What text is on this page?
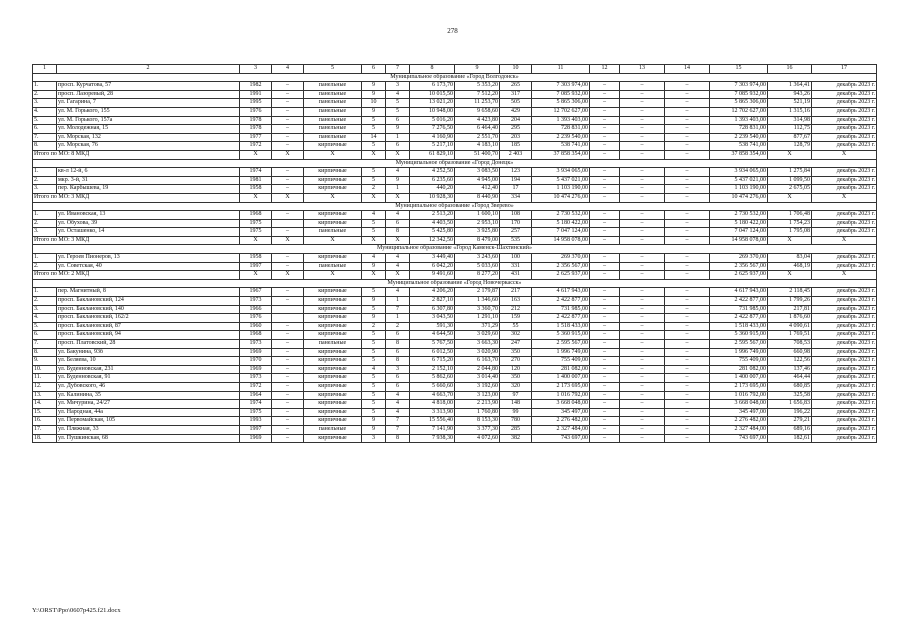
278
1	2	3	4	5	6	7	8	9	10	11	12	13	14	15	16	17
Муниципальное образование «Город Волгодонск»																
1.	просп. Курчатова, 57	1982	–	панельные	9	3	6 173,70	5 353,20	265	7 303 974,00	–	–	–	7 303 974,00	1 364,41	декабрь 2023 г.
2.	просп. Лазоревый, 28	1991	–	панельные	9	4	10 015,50	7 512,20	317	7 085 932,00	–	–	–	7 085 932,00	943,26	декабрь 2023 г.
3.	ул. Гагарина, 7	1995	–	панельные	10	5	13 021,20	11 253,70	505	5 865 306,00	–	–	–	5 865 306,00	521,19	декабрь 2023 г.
4.	ул. М. Горького, 155	1976	–	панельные	9	5	10 948,00	9 658,60	429	12 702 627,00	–	–	–	12 702 627,00	1 315,16	декабрь 2023 г.
5.	ул. М. Горького, 157а	1978	–	панельные	5	6	5 016,20	4 423,80	204	1 393 403,00	–	–	–	1 393 403,00	314,98	декабрь 2023 г.
6.	ул. Молодежная, 15	1978	–	панельные	5	9	7 276,50	6 464,40	295	728 831,00	–	–	–	728 831,00	112,75	декабрь 2023 г.
7.	ул. Морская, 132	1977	–	панельные	14	1	4 160,90	2 551,70	203	2 239 540,00	–	–	–	2 239 540,00	877,67	декабрь 2023 г.
8.	ул. Морская, 76	1972	–	кирпичные	5	6	5 217,10	4 183,10	185	538 741,00	–	–	–	538 741,00	128,79	декабрь 2023 г.
Итого по МО: 8 МКД		X	X	X	X	X	61 829,10	51 400,70	2 403	37 858 354,00	–	–	–	37 858 354,00	X	X
Муниципальное образование «Город Донецк»																
1.	кв-л 12-й, 6	1974	–	кирпичные	5	4	4 252,50	3 083,50	123	3 934 065,00	–	–	–	3 934 065,00	1 275,84	декабрь 2023 г.
2.	мкр. 3-й, 31	1981	–	кирпичные	5	9	6 235,60	4 945,00	194	5 437 021,00	–	–	–	5 437 021,00	1 099,50	декабрь 2023 г.
3.	пер. Карбышева, 19	1958	–	кирпичные	2	1	440,20	412,40	17	1 103 190,00	–	–	–	1 103 190,00	2 675,05	декабрь 2023 г.
Итого по МО: 3 МКД		X	X	X	X	X	10 928,30	8 440,90	334	10 474 276,00	–	–	–	10 474 276,00	X	X
Муниципальное образование «Город Зверево»																
1.	ул. Ивановская, 13	1968	–	кирпичные	4	4	2 513,20	1 600,10	108	2 730 532,00	–	–	–	2 730 532,00	1 706,48	декабрь 2023 г.
2.	ул. Обухова, 39	1975		кирпичные	5	6	4 403,50	2 953,10	170	5 180 422,00	–	–	–	5 180 422,00	1 754,23	декабрь 2023 г.
3.	ул. Осташенко, 14	1975	–	панельные	5	8	5 425,80	3 925,80	257	7 047 124,00	–	–	–	7 047 124,00	1 795,08	декабрь 2023 г.
Итого по МО: 3 МКД		X	X	X	X	X	12 342,50	8 479,00	535	14 958 078,00	–	–	–	14 958 078,00	X	X
Муниципальное образование «Город Каменск-Шахтинский»																
1.	ул. Героев Пионеров, 13	1958	–	кирпичные	4	4	3 449,40	3 243,60	100	269 370,00	–	–	–	269 370,00	83,04	декабрь 2023 г.
2.	ул. Советская, 40	1997	–	панельные	9	4	6 042,20	5 033,60	331	2 356 567,00	–	–	–	2 356 567,00	468,19	декабрь 2023 г.
Итого по МО: 2 МКД		X	X	X	X	X	9 491,60	8 277,20	431	2 625 937,00	–	–	–	2 625 937,00	X	X
Муниципальное образование «Город Новочеркасск»																
1.	пер. Магнитный, 8	1967	–	кирпичные	5	4	4 206,20	2 179,87	217	4 617 943,00	–	–	–	4 617 943,00	2 118,45	декабрь 2023 г.
2.	просп. Баклановский, 124	1973	–	кирпичные	9	1	2 827,10	1 346,60	163	2 422 877,00	–	–	–	2 422 877,00	1 799,26	декабрь 2023 г.
3.	просп. Баклановский, 140	1966		кирпичные	5	7	6 307,80	3 360,70	212	731 985,00	–	–	–	731 985,00	217,81	декабрь 2023 г.
4.	просп. Баклановский, 162/2	1976		кирпичные	9	1	3 043,50	1 291,10	159	2 422 877,00	–	–	–	2 422 877,00	1 876,60	декабрь 2023 г.
5.	просп. Баклановский, 87	1960	–	кирпичные	2	2	591,30	371,29	55	1 518 433,00	–	–	–	1 518 433,00	4 090,61	декабрь 2023 г.
6.	просп. Баклановский, 94	1968	–	кирпичные	5	6	4 644,50	3 029,60	302	5 360 915,00	–	–	–	5 360 915,00	1 769,51	декабрь 2023 г.
7.	просп. Платовский, 28	1973	–	панельные	5	8	5 767,50	3 663,30	247	2 595 567,00	–	–	–	2 595 567,00	708,53	декабрь 2023 г.
8.	ул. Бакунина, 93б	1969	–	кирпичные	5	6	6 012,50	3 020,90	350	1 996 749,00	–	–	–	1 996 749,00	660,98	декабрь 2023 г.
9.	ул. Беляева, 10	1970	–	кирпичные	5	8	6 715,20	6 163,70	270	755 409,00	–	–	–	755 409,00	122,56	декабрь 2023 г.
10.	ул. Буденновская, 231	1969	–	кирпичные	4	3	2 152,10	2 044,80	120	281 082,00	–	–	–	281 082,00	137,46	декабрь 2023 г.
11.	ул. Буденновская, 91	1973	–	кирпичные	5	6	5 862,60	3 014,40	350	1 400 007,00	–	–	–	1 400 007,00	464,44	декабрь 2023 г.
12.	ул. Дубовского, 46	1972	–	кирпичные	5	6	5 660,60	3 192,60	320	2 173 695,00	–	–	–	2 173 695,00	680,85	декабрь 2023 г.
13.	ул. Калинина, 35	1964	–	кирпичные	5	4	4 663,70	3 123,00	97	1 016 792,00	–	–	–	1 016 792,00	325,58	декабрь 2023 г.
14.	ул. Мичурина, 24/27	1974	–	кирпичные	5	4	4 818,00	2 213,90	148	3 668 048,00	–	–	–	3 668 048,00	1 656,83	декабрь 2023 г.
15.	ул. Народная, 44а	1975	–	кирпичные	5	4	3 313,90	1 760,80	99	345 497,00	–	–	–	345 497,00	196,22	декабрь 2023 г.
16.	ул. Первомайская, 105	1993	–	кирпичные	9	7	15 556,40	8 153,30	780	2 276 482,00	–	–	–	2 276 482,00	279,21	декабрь 2023 г.
17.	ул. Пляжная, 33	1997	–	панельные	9	7	7 141,90	3 377,30	285	2 327 484,00	–	–	–	2 327 484,00	689,16	декабрь 2023 г.
18.	ул. Пушкинская, 68	1969	–	кирпичные	3	8	7 938,30	4 072,60	382	743 697,00	–	–	–	743 697,00	182,61	декабрь 2023 г.
Y:\ORST\Ppo\0607p425.f21.docx
